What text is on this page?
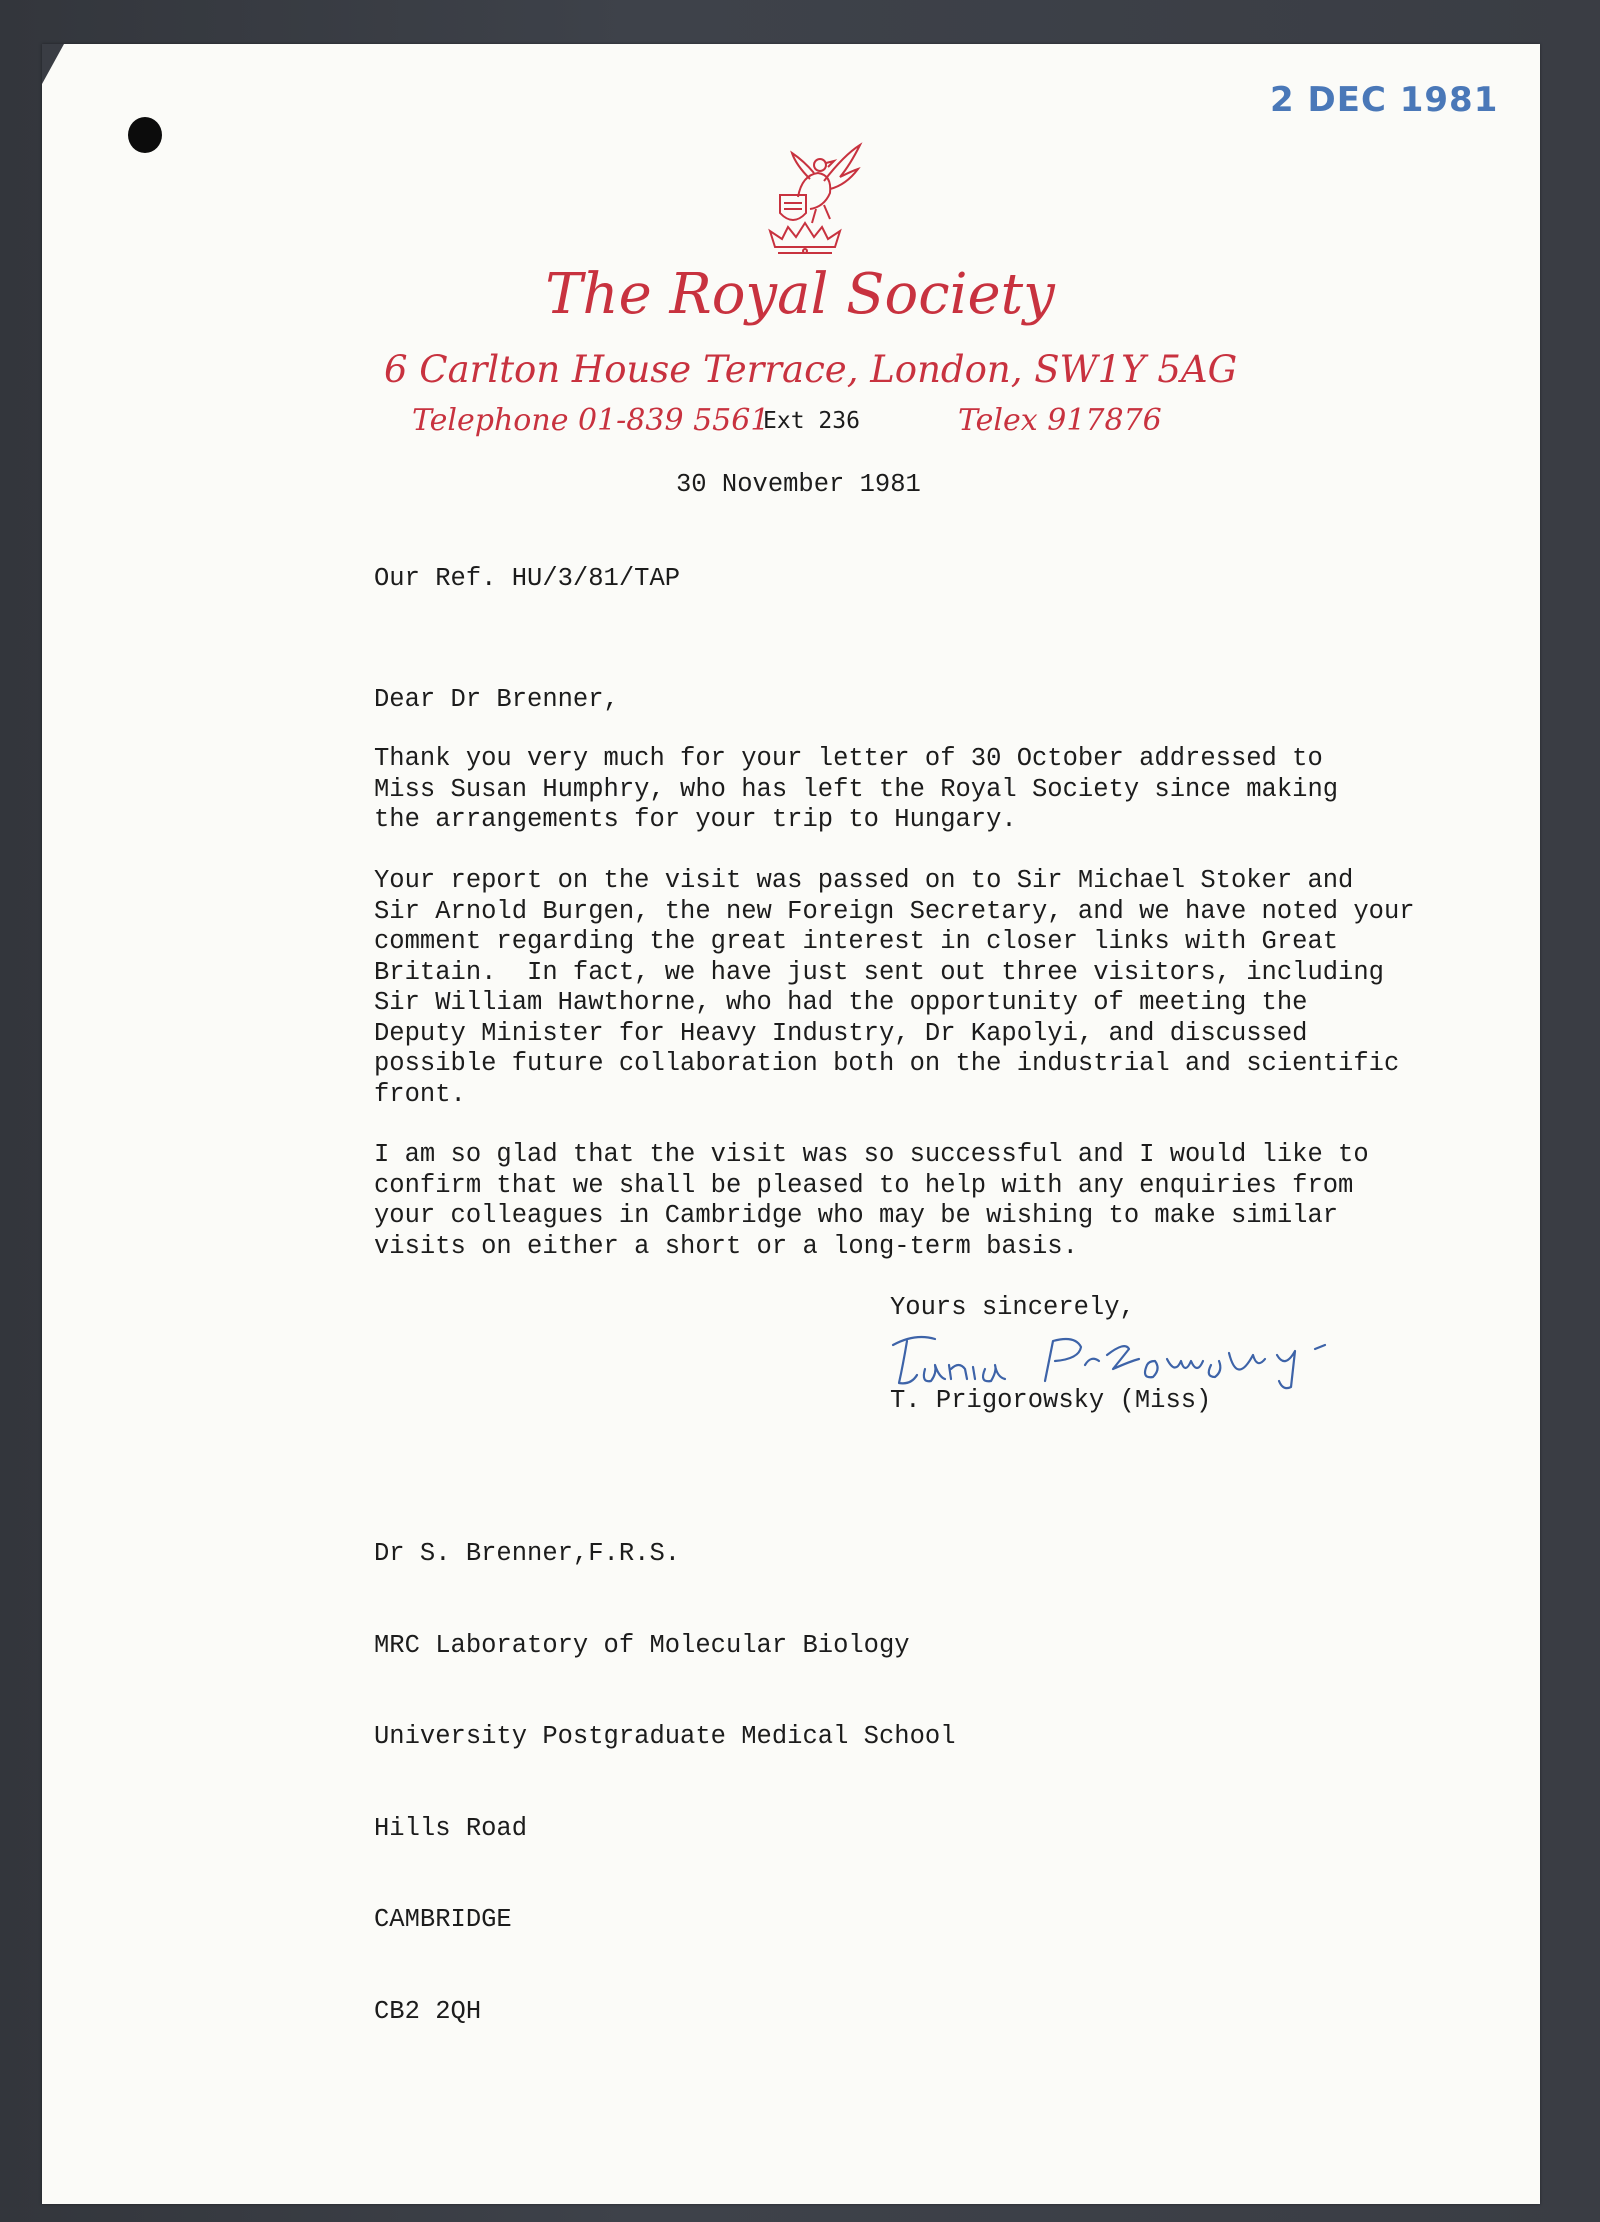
2 DEC 1981
The Royal Society
6 Carlton House Terrace, London, SW1Y 5AG
Telephone 01-839 5561
Ext 236	Telex 917876
30 November 1981
Our Ref. HU/3/81/TAP
Dear Dr Brenner,
Thank you very much for your letter of 30 October addressed to
Miss Susan Humphry, who has left the Royal Society since making
the arrangements for your trip to Hungary.
Your report on the visit was passed on to Sir Michael Stoker and
Sir Arnold Burgen, the new Foreign Secretary, and we have noted your
comment regarding the great interest in closer links with Great
Britain.  In fact, we have just sent out three visitors, including
Sir William Hawthorne, who had the opportunity of meeting the
Deputy Minister for Heavy Industry, Dr Kapolyi, and discussed
possible future collaboration both on the industrial and scientific
front.
I am so glad that the visit was so successful and I would like to
confirm that we shall be pleased to help with any enquiries from
your colleagues in Cambridge who may be wishing to make similar
visits on either a short or a long-term basis.
Yours sincerely,
T. Prigorowsky (Miss)

Dr S. Brenner,F.R.S.

MRC Laboratory of Molecular Biology

University Postgraduate Medical School

Hills Road

CAMBRIDGE

CB2 2QH
